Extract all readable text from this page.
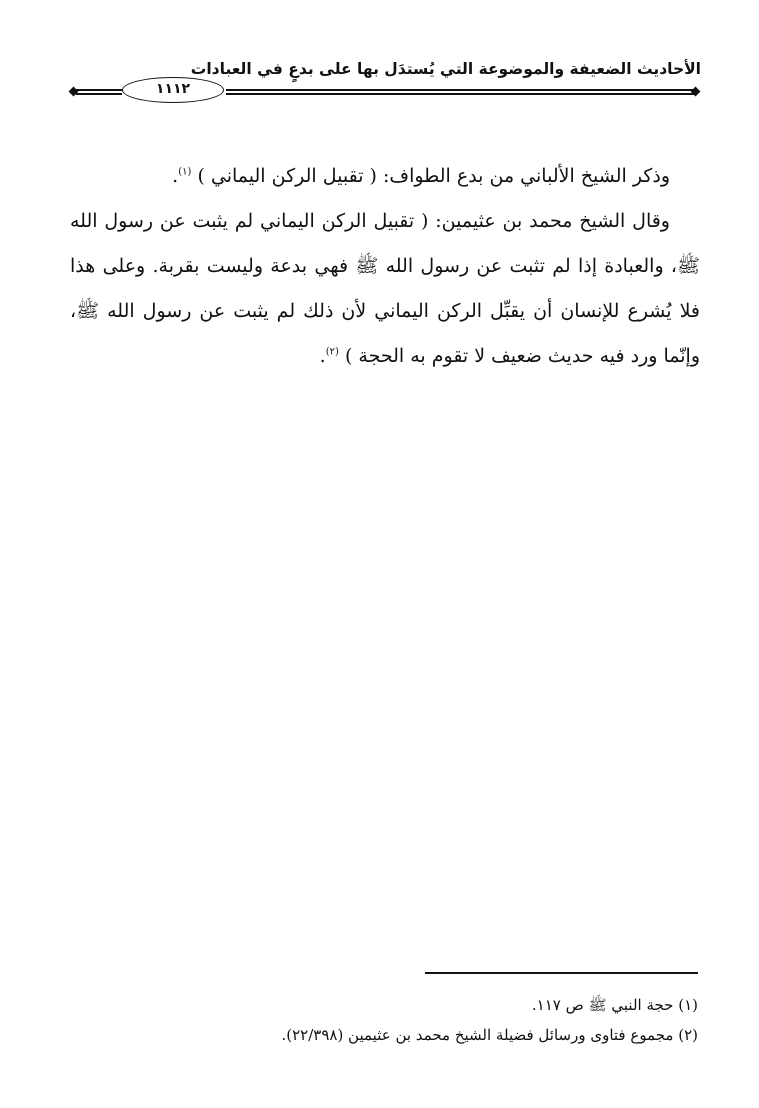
الأحاديث الضعيفة والموضوعة التي يُستدَل بها على بدعٍ في العبادات
١١١٢

وذكر الشيخ الألباني من بدع الطواف: ( تقبيل الركن اليماني ) $^{(١)}$.

وقال الشيخ محمد بن عثيمين: ( تقبيل الركن اليماني لم يثبت عن رسول الله ﷺ، والعبادة إذا لم تثبت عن رسول الله ﷺ فهي بدعة وليست بقربة. وعلى هذا فلا يُشرع للإنسان أن يقبِّل الركن اليماني لأن ذلك لم يثبت عن رسول الله ﷺ، وإنّما ورد فيه حديث ضعيف لا تقوم به الحجة ) $^{(٢)}$.

(١) حجة النبي ﷺ ص ١١٧.

(٢) مجموع فتاوى ورسائل فضيلة الشيخ محمد بن عثيمين (٢٢/٣٩٨).
